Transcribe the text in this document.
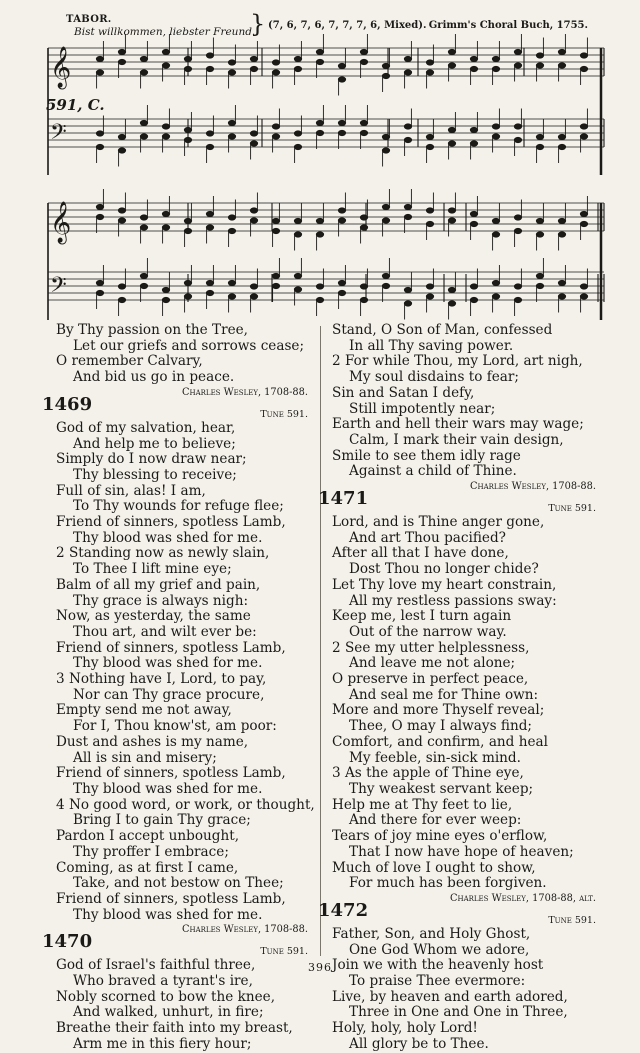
TABOR.
Bist willkommen, liebster Freund.
} (7, 6, 7, 6, 7, 7, 7, 6, Mixed). Grimm's Choral Buch, 1755.
591, C.
𝄞
𝄢
𝄞
𝄢
By Thy passion on the Tree,
Let our griefs and sorrows cease;
O remember Calvary,
And bid us go in peace.
Charles Wesley, 1708-88.
1469	Tune 591.
God of my salvation, hear,
And help me to believe;
Simply do I now draw near;
Thy blessing to receive;
Full of sin, alas! I am,
To Thy wounds for refuge flee;
Friend of sinners, spotless Lamb,
Thy blood was shed for me.
2 Standing now as newly slain,
To Thee I lift mine eye;
Balm of all my grief and pain,
Thy grace is always nigh:
Now, as yesterday, the same
Thou art, and wilt ever be:
Friend of sinners, spotless Lamb,
Thy blood was shed for me.
3 Nothing have I, Lord, to pay,
Nor can Thy grace procure,
Empty send me not away,
For I, Thou know'st, am poor:
Dust and ashes is my name,
All is sin and misery;
Friend of sinners, spotless Lamb,
Thy blood was shed for me.
4 No good word, or work, or thought,
Bring I to gain Thy grace;
Pardon I accept unbought,
Thy proffer I embrace;
Coming, as at first I came,
Take, and not bestow on Thee;
Friend of sinners, spotless Lamb,
Thy blood was shed for me.
Charles Wesley, 1708-88.
1470	Tune 591.
God of Israel's faithful three,
Who braved a tyrant's ire,
Nobly scorned to bow the knee,
And walked, unhurt, in fire;
Breathe their faith into my breast,
Arm me in this fiery hour;
Stand, O Son of Man, confessed
In all Thy saving power.
2 For while Thou, my Lord, art nigh,
My soul disdains to fear;
Sin and Satan I defy,
Still impotently near;
Earth and hell their wars may wage;
Calm, I mark their vain design,
Smile to see them idly rage
Against a child of Thine.
Charles Wesley, 1708-88.
1471	Tune 591.
Lord, and is Thine anger gone,
And art Thou pacified?
After all that I have done,
Dost Thou no longer chide?
Let Thy love my heart constrain,
All my restless passions sway:
Keep me, lest I turn again
Out of the narrow way.
2 See my utter helplessness,
And leave me not alone;
O preserve in perfect peace,
And seal me for Thine own:
More and more Thyself reveal;
Thee, O may I always find;
Comfort, and confirm, and heal
My feeble, sin-sick mind.
3 As the apple of Thine eye,
Thy weakest servant keep;
Help me at Thy feet to lie,
And there for ever weep:
Tears of joy mine eyes o'erflow,
That I now have hope of heaven;
Much of love I ought to show,
For much has been forgiven.
Charles Wesley, 1708-88, alt.
1472	Tune 591.
Father, Son, and Holy Ghost,
One God Whom we adore,
Join we with the heavenly host
To praise Thee evermore:
Live, by heaven and earth adored,
Three in One and One in Three,
Holy, holy, holy Lord!
All glory be to Thee.
396
